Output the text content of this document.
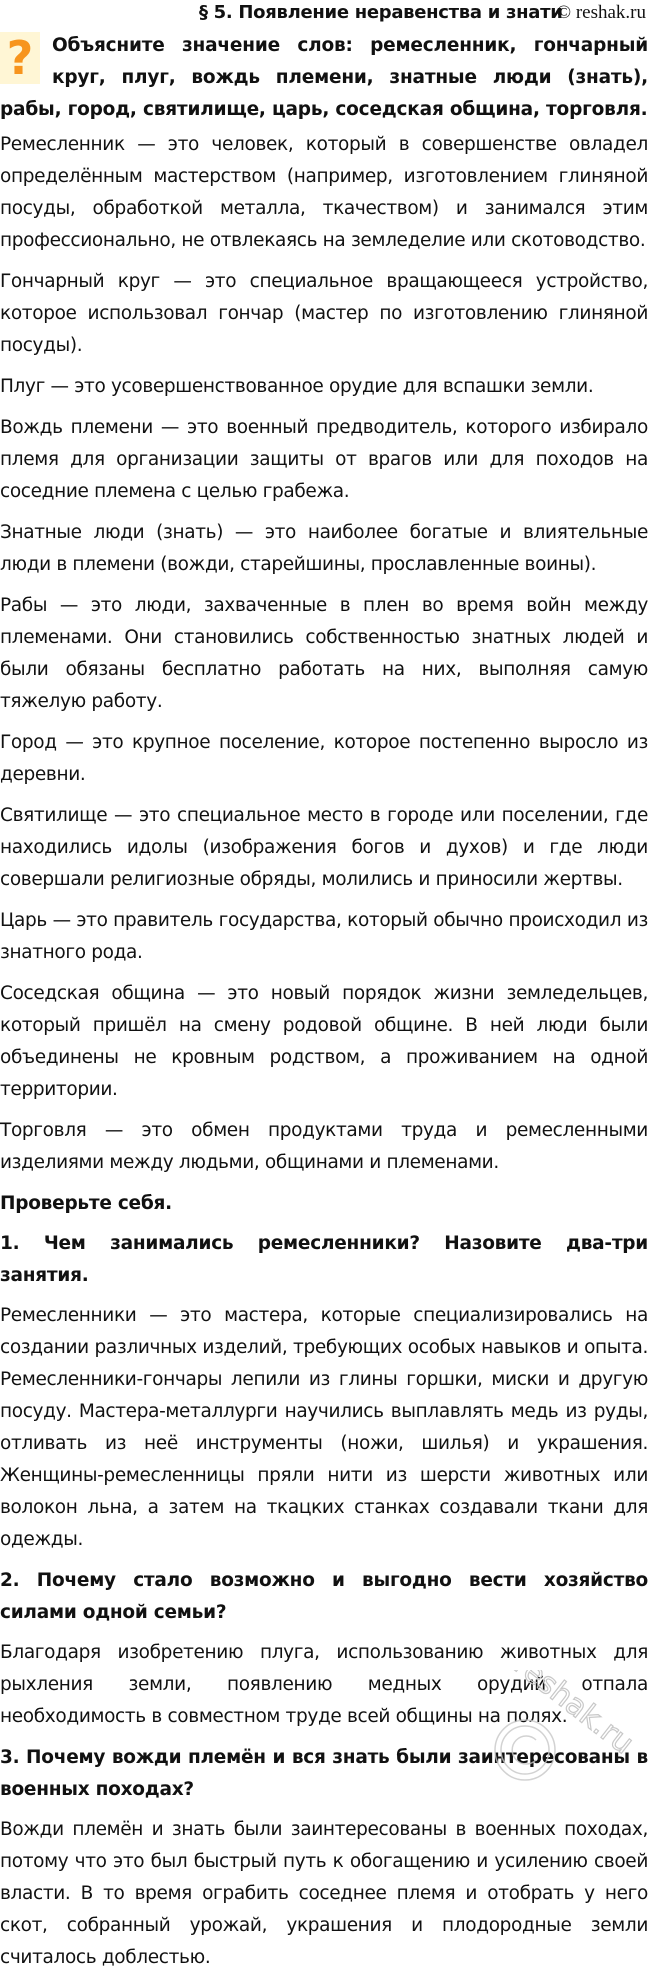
§ 5. Появление неравенства и знати
© reshak.ru
?	Объясните значение слов: ремесленник, гончарный круг, плуг, вождь племени, знатные люди (знать), рабы, город, святилище, царь, соседская община, торговля.

Ремесленник — это человек, который в совершенстве овладел определённым мастерством (например, изготовлением глиняной посуды, обработкой металла, ткачеством) и занимался этим профессионально, не отвлекаясь на земледелие или скотоводство.

Гончарный круг — это специальное вращающееся устройство, которое использовал гончар (мастер по изготовлению глиняной посуды).

Плуг — это усовершенствованное орудие для вспашки земли.

Вождь племени — это военный предводитель, которого избирало племя для организации защиты от врагов или для походов на соседние племена с целью грабежа.

Знатные люди (знать) — это наиболее богатые и влиятельные люди в племени (вожди, старейшины, прославленные воины).

Рабы — это люди, захваченные в плен во время войн между племенами. Они становились собственностью знатных людей и были обязаны бесплатно работать на них, выполняя самую тяжелую работу.

Город — это крупное поселение, которое постепенно выросло из деревни.

Святилище — это специальное место в городе или поселении, где находились идолы (изображения богов и духов) и где люди совершали религиозные обряды, молились и приносили жертвы.

Царь — это правитель государства, который обычно происходил из знатного рода.

Соседская община — это новый порядок жизни земледельцев, который пришёл на смену родовой общине. В ней люди были объединены не кровным родством, а проживанием на одной территории.

Торговля — это обмен продуктами труда и ремесленными изделиями между людьми, общинами и племенами.

Проверьте себя.
1. Чем занимались ремесленники? Назовите два-три занятия.

Ремесленники — это мастера, которые специализировались на создании различных изделий, требующих особых навыков и опыта. Ремесленники-гончары лепили из глины горшки, миски и другую посуду. Мастера-металлурги научились выплавлять медь из руды, отливать из неё инструменты (ножи, шилья) и украшения. Женщины-ремесленницы пряли нити из шерсти животных или волокон льна, а затем на ткацких станках создавали ткани для одежды.

2. Почему стало возможно и выгодно вести хозяйство силами одной семьи?

Благодаря изобретению плуга, использованию животных для рыхления земли, появлению медных орудий отпала необходимость в совместном труде всей общины на полях.

3. Почему вожди племён и вся знать были заинтересованы в военных походах?

Вожди племён и знать были заинтересованы в военных походах, потому что это был быстрый путь к обогащению и усилению своей власти. В то время ограбить соседнее племя и отобрать у него скот, собранный урожай, украшения и плодородные земли считалось доблестью.

reshak.ru
